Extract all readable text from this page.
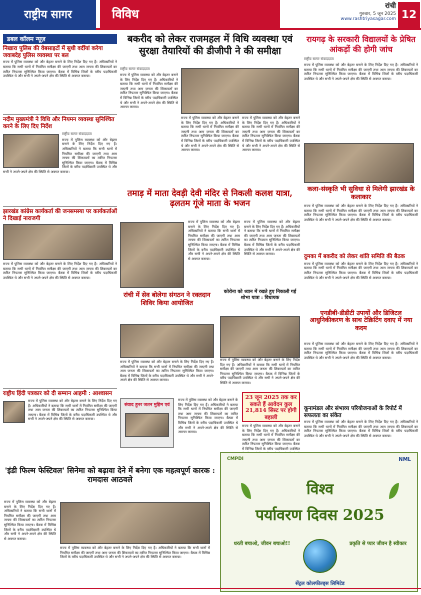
राष्ट्रीय सागर	विविध
रांची
गुरुवार, 5 जून 2025
www.rashtriyasagar.com 12
डबल कॉलम न्यूज़
निखारा पुलिस की वेबसाइटों में सुधी वर्दीयां करेगा जवाबदेह पुलिस व्यवस्था पर बल
राज्य में पुलिस व्यवस्था को और बेहतर बनाने के लिए निर्देश दिए गए हैं। अधिकारियों ने बताया कि सभी थानों में नियमित समीक्षा की जाएगी तथा आम जनता की शिकायतों का त्वरित निपटारा सुनिश्चित किया जाएगा। बैठक में विभिन्न जिलों के वरीय पदाधिकारी उपस्थित थे और सभी ने अपने-अपने क्षेत्र की स्थिति से अवगत कराया।
नदीम मुख्यमंत्री ने विधि और नियमन व्यवस्था सुनिश्चित करने के लिए दिए निर्देश
राष्ट्रीय सागर संवाददाता
राज्य में पुलिस व्यवस्था को और बेहतर बनाने के लिए निर्देश दिए गए हैं। अधिकारियों ने बताया कि सभी थानों में नियमित समीक्षा की जाएगी तथा आम जनता की शिकायतों का त्वरित निपटारा सुनिश्चित किया जाएगा। बैठक में विभिन्न जिलों के वरीय पदाधिकारी उपस्थित थे और सभी ने अपने-अपने क्षेत्र की स्थिति से अवगत कराया।
झारखंड कांग्रेस कार्यकर्ता की जनसमस्या पर कार्यकर्ताओं ने दिखाई नाराजगी
राज्य में पुलिस व्यवस्था को और बेहतर बनाने के लिए निर्देश दिए गए हैं। अधिकारियों ने बताया कि सभी थानों में नियमित समीक्षा की जाएगी तथा आम जनता की शिकायतों का त्वरित निपटारा सुनिश्चित किया जाएगा। बैठक में विभिन्न जिलों के वरीय पदाधिकारी उपस्थित थे और सभी ने अपने-अपने क्षेत्र की स्थिति से अवगत कराया।
राष्ट्रीय हिंदी पत्रकार को दी सम्मान आहमी : आश्वासन
राज्य में पुलिस व्यवस्था को और बेहतर बनाने के लिए निर्देश दिए गए हैं। अधिकारियों ने बताया कि सभी थानों में नियमित समीक्षा की जाएगी तथा आम जनता की शिकायतों का त्वरित निपटारा सुनिश्चित किया जाएगा। बैठक में विभिन्न जिलों के वरीय पदाधिकारी उपस्थित थे और सभी ने अपने-अपने क्षेत्र की स्थिति से अवगत कराया।
बकरीद को लेकर राजमहल में विधि व्यवस्था एवं सुरक्षा तैयारियों की डीजीपी ने की समीक्षा
राष्ट्रीय सागर संवाददाता
राज्य में पुलिस व्यवस्था को और बेहतर बनाने के लिए निर्देश दिए गए हैं। अधिकारियों ने बताया कि सभी थानों में नियमित समीक्षा की जाएगी तथा आम जनता की शिकायतों का त्वरित निपटारा सुनिश्चित किया जाएगा। बैठक में विभिन्न जिलों के वरीय पदाधिकारी उपस्थित थे और सभी ने अपने-अपने क्षेत्र की स्थिति से अवगत कराया।
राज्य में पुलिस व्यवस्था को और बेहतर बनाने के लिए निर्देश दिए गए हैं। अधिकारियों ने बताया कि सभी थानों में नियमित समीक्षा की जाएगी तथा आम जनता की शिकायतों का त्वरित निपटारा सुनिश्चित किया जाएगा। बैठक में विभिन्न जिलों के वरीय पदाधिकारी उपस्थित थे और सभी ने अपने-अपने क्षेत्र की स्थिति से अवगत कराया।
राज्य में पुलिस व्यवस्था को और बेहतर बनाने के लिए निर्देश दिए गए हैं। अधिकारियों ने बताया कि सभी थानों में नियमित समीक्षा की जाएगी तथा आम जनता की शिकायतों का त्वरित निपटारा सुनिश्चित किया जाएगा। बैठक में विभिन्न जिलों के वरीय पदाधिकारी उपस्थित थे और सभी ने अपने-अपने क्षेत्र की स्थिति से अवगत कराया।
तमाड़ में माता देवड़ी देवी मंदिर से निकली कलश यात्रा, ढ़लतम गूंजे माता के भजन
राज्य में पुलिस व्यवस्था को और बेहतर बनाने के लिए निर्देश दिए गए हैं। अधिकारियों ने बताया कि सभी थानों में नियमित समीक्षा की जाएगी तथा आम जनता की शिकायतों का त्वरित निपटारा सुनिश्चित किया जाएगा। बैठक में विभिन्न जिलों के वरीय पदाधिकारी उपस्थित थे और सभी ने अपने-अपने क्षेत्र की स्थिति से अवगत कराया।
राज्य में पुलिस व्यवस्था को और बेहतर बनाने के लिए निर्देश दिए गए हैं। अधिकारियों ने बताया कि सभी थानों में नियमित समीक्षा की जाएगी तथा आम जनता की शिकायतों का त्वरित निपटारा सुनिश्चित किया जाएगा। बैठक में विभिन्न जिलों के वरीय पदाधिकारी उपस्थित थे और सभी ने अपने-अपने क्षेत्र की स्थिति से अवगत कराया।
रांची में सेव बोलेगा संगठन ने रक्तदान शिविर किया आयोजित
राज्य में पुलिस व्यवस्था को और बेहतर बनाने के लिए निर्देश दिए गए हैं। अधिकारियों ने बताया कि सभी थानों में नियमित समीक्षा की जाएगी तथा आम जनता की शिकायतों का त्वरित निपटारा सुनिश्चित किया जाएगा। बैठक में विभिन्न जिलों के वरीय पदाधिकारी उपस्थित थे और सभी ने अपने-अपने क्षेत्र की स्थिति से अवगत कराया।
कोरोना को ध्यान में रखते हुए निकाली गई शोभा यात्रा : विधायक
राज्य में पुलिस व्यवस्था को और बेहतर बनाने के लिए निर्देश दिए गए हैं। अधिकारियों ने बताया कि सभी थानों में नियमित समीक्षा की जाएगी तथा आम जनता की शिकायतों का त्वरित निपटारा सुनिश्चित किया जाएगा। बैठक में विभिन्न जिलों के वरीय पदाधिकारी उपस्थित थे और सभी ने अपने-अपने क्षेत्र की स्थिति से अवगत कराया।
एनडीबी-डीडीटी उपायों और डिजिटल आधुनिकीकरण के साथ टेक्रिटिंग दवाए में नया कदम
23 जून 2025 तक कर सकते हैं आवेदन कुल 21,814 सिस्ट पर होगी बहाली
संवाद हुनर जतन मुहिम एवं
राज्य में पुलिस व्यवस्था को और बेहतर बनाने के लिए निर्देश दिए गए हैं। अधिकारियों ने बताया कि सभी थानों में नियमित समीक्षा की जाएगी तथा आम जनता की शिकायतों का त्वरित निपटारा सुनिश्चित किया जाएगा। बैठक में विभिन्न जिलों के वरीय पदाधिकारी उपस्थित थे और सभी ने अपने-अपने क्षेत्र की स्थिति से अवगत कराया।
राज्य में पुलिस व्यवस्था को और बेहतर बनाने के लिए निर्देश दिए गए हैं। अधिकारियों ने बताया कि सभी थानों में नियमित समीक्षा की जाएगी तथा आम जनता की शिकायतों का त्वरित निपटारा सुनिश्चित किया जाएगा। बैठक में विभिन्न जिलों के वरीय पदाधिकारी उपस्थित
'इंडी फिल्म फेस्टिवल' सिनेमा को बढ़ावा देने में बनेगा एक महत्वपूर्ण कारक : रामदास आठवले
राज्य में पुलिस व्यवस्था को और बेहतर बनाने के लिए निर्देश दिए गए हैं। अधिकारियों ने बताया कि सभी थानों में नियमित समीक्षा की जाएगी तथा आम जनता की शिकायतों का त्वरित निपटारा सुनिश्चित किया जाएगा। बैठक में विभिन्न जिलों के वरीय पदाधिकारी उपस्थित थे और सभी ने अपने-अपने क्षेत्र की स्थिति से अवगत कराया।
राज्य में पुलिस व्यवस्था को और बेहतर बनाने के लिए निर्देश दिए गए हैं। अधिकारियों ने बताया कि सभी थानों में नियमित समीक्षा की जाएगी तथा आम जनता की शिकायतों का त्वरित निपटारा सुनिश्चित किया जाएगा। बैठक में विभिन्न जिलों के वरीय पदाधिकारी उपस्थित थे और सभी ने अपने-अपने क्षेत्र की स्थिति से अवगत कराया।
रायगढ़ के सरकारी विद्यालयों के प्रेषित आंकड़ों की होगी जांच
राष्ट्रीय सागर संवाददाता
राज्य में पुलिस व्यवस्था को और बेहतर बनाने के लिए निर्देश दिए गए हैं। अधिकारियों ने बताया कि सभी थानों में नियमित समीक्षा की जाएगी तथा आम जनता की शिकायतों का त्वरित निपटारा सुनिश्चित किया जाएगा। बैठक में विभिन्न जिलों के वरीय पदाधिकारी उपस्थित थे और सभी ने अपने-अपने क्षेत्र की स्थिति से अवगत कराया।
कला-संस्कृति भी सुविधा से मिलेगी झारखंड के कलाकार
राज्य में पुलिस व्यवस्था को और बेहतर बनाने के लिए निर्देश दिए गए हैं। अधिकारियों ने बताया कि सभी थानों में नियमित समीक्षा की जाएगी तथा आम जनता की शिकायतों का त्वरित निपटारा सुनिश्चित किया जाएगा। बैठक में विभिन्न जिलों के वरीय पदाधिकारी उपस्थित थे और सभी ने अपने-अपने क्षेत्र की स्थिति से अवगत कराया।
दुमका में बकरीद को लेकर शांति समिति की बैठक
राज्य में पुलिस व्यवस्था को और बेहतर बनाने के लिए निर्देश दिए गए हैं। अधिकारियों ने बताया कि सभी थानों में नियमित समीक्षा की जाएगी तथा आम जनता की शिकायतों का त्वरित निपटारा सुनिश्चित किया जाएगा। बैठक में विभिन्न जिलों के वरीय पदाधिकारी उपस्थित थे और सभी ने अपने-अपने क्षेत्र की स्थिति से अवगत कराया।
राज्य में पुलिस व्यवस्था को और बेहतर बनाने के लिए निर्देश दिए गए हैं। अधिकारियों ने बताया कि सभी थानों में नियमित समीक्षा की जाएगी तथा आम जनता की शिकायतों का त्वरित निपटारा सुनिश्चित किया जाएगा। बैठक में विभिन्न जिलों के वरीय पदाधिकारी उपस्थित थे और सभी ने अपने-अपने क्षेत्र की स्थिति से अवगत कराया।
कूनामंडल और संभाव्य परियोजनाओं के रिपोर्ट में सफलता का संकेत
राज्य में पुलिस व्यवस्था को और बेहतर बनाने के लिए निर्देश दिए गए हैं। अधिकारियों ने बताया कि सभी थानों में नियमित समीक्षा की जाएगी तथा आम जनता की शिकायतों का त्वरित निपटारा सुनिश्चित किया जाएगा। बैठक में विभिन्न जिलों के वरीय पदाधिकारी उपस्थित थे और सभी ने अपने-अपने क्षेत्र की स्थिति से अवगत कराया।
CMPDI	NML
विश्व
पर्यावरण दिवस 2025
धरती बचाओ, जीवन बचाओ!!	प्रकृति से प्यार जीवन है स्वीकार
सेंट्रल कोलफील्ड्स लिमिटेड
